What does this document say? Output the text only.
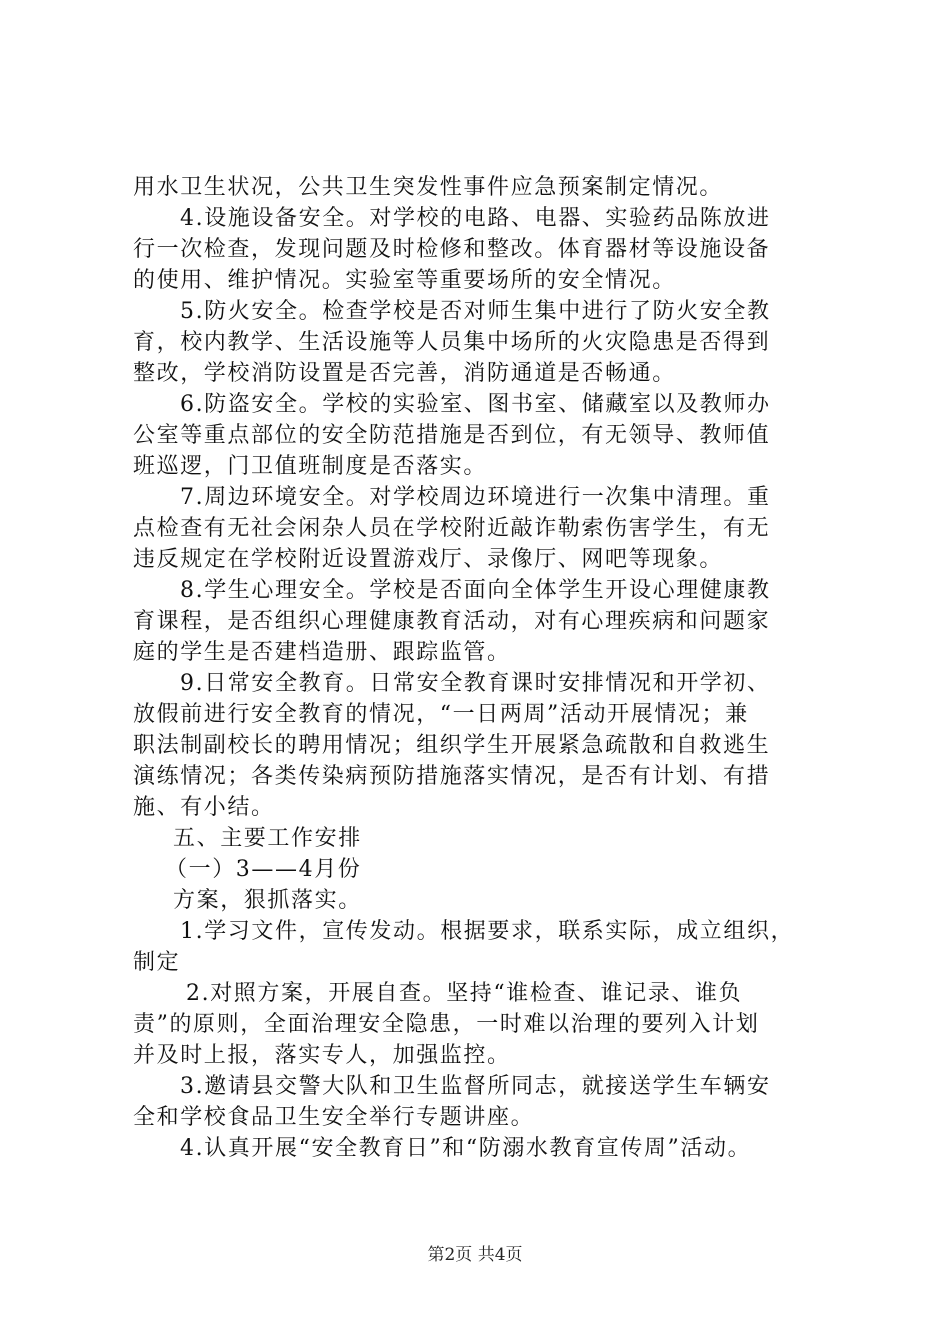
用水卫生状况，公共卫生突发性事件应急预案制定情况。
4.设施设备安全。对学校的电路、电器、实验药品陈放进
行一次检查，发现问题及时检修和整改。体育器材等设施设备
的使用、维护情况。实验室等重要场所的安全情况。
5.防火安全。检查学校是否对师生集中进行了防火安全教
育，校内教学、生活设施等人员集中场所的火灾隐患是否得到
整改，学校消防设置是否完善，消防通道是否畅通。
6.防盗安全。学校的实验室、图书室、储藏室以及教师办
公室等重点部位的安全防范措施是否到位，有无领导、教师值
班巡逻，门卫值班制度是否落实。
7.周边环境安全。对学校周边环境进行一次集中清理。重
点检查有无社会闲杂人员在学校附近敲诈勒索伤害学生，有无
违反规定在学校附近设置游戏厅、录像厅、网吧等现象。
8.学生心理安全。学校是否面向全体学生开设心理健康教
育课程，是否组织心理健康教育活动，对有心理疾病和问题家
庭的学生是否建档造册、跟踪监管。
9.日常安全教育。日常安全教育课时安排情况和开学初、
放假前进行安全教育的情况，“一日两周”活动开展情况；兼
职法制副校长的聘用情况；组织学生开展紧急疏散和自救逃生
演练情况；各类传染病预防措施落实情况，是否有计划、有措
施、有小结。
五、主要工作安排
（一）3——4月份
方案，狠抓落实。
1.学习文件，宣传发动。根据要求，联系实际，成立组织，
制定
2.对照方案，开展自查。坚持“谁检查、谁记录、谁负
责”的原则，全面治理安全隐患，一时难以治理的要列入计划
并及时上报，落实专人，加强监控。
3.邀请县交警大队和卫生监督所同志，就接送学生车辆安
全和学校食品卫生安全举行专题讲座。
4.认真开展“安全教育日”和“防溺水教育宣传周”活动。
第2页 共4页
